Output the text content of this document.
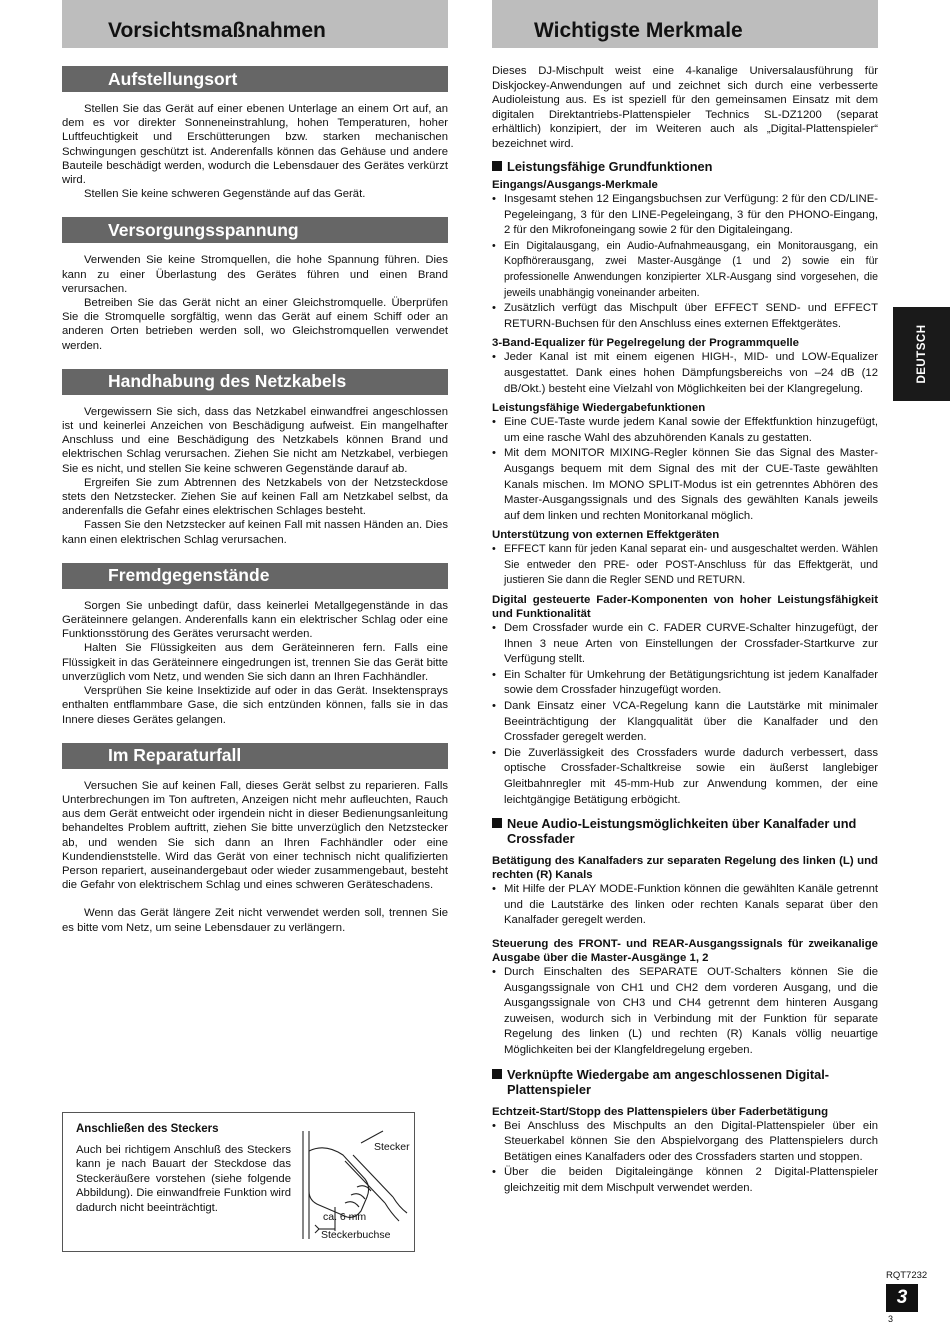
Vorsichtsmaßnahmen
Aufstellungsort

Stellen Sie das Gerät auf einer ebenen Unterlage an einem Ort auf, an dem es vor direkter Sonneneinstrahlung, hohen Temperaturen, hoher Luftfeuchtigkeit und Erschütterungen bzw. starken mechanischen Schwingungen geschützt ist. Anderenfalls können das Gehäuse und andere Bauteile beschädigt werden, wodurch die Lebensdauer des Gerätes verkürzt wird.

Stellen Sie keine schweren Gegenstände auf das Gerät.

Versorgungsspannung

Verwenden Sie keine Stromquellen, die hohe Spannung führen. Dies kann zu einer Überlastung des Gerätes führen und einen Brand verursachen.

Betreiben Sie das Gerät nicht an einer Gleichstromquelle. Überprüfen Sie die Stromquelle sorgfältig, wenn das Gerät auf einem Schiff oder an anderen Orten betrieben werden soll, wo Gleichstromquellen verwendet werden.

Handhabung des Netzkabels

Vergewissern Sie sich, dass das Netzkabel einwandfrei angeschlossen ist und keinerlei Anzeichen von Beschädigung aufweist. Ein mangelhafter Anschluss und eine Beschädigung des Netzkabels können Brand und elektrischen Schlag verursachen. Ziehen Sie nicht am Netzkabel, verbiegen Sie es nicht, und stellen Sie keine schweren Gegenstände darauf ab.

Ergreifen Sie zum Abtrennen des Netzkabels von der Netzsteckdose stets den Netzstecker. Ziehen Sie auf keinen Fall am Netzkabel selbst, da anderenfalls die Gefahr eines elektrischen Schlages besteht.

Fassen Sie den Netzstecker auf keinen Fall mit nassen Händen an. Dies kann einen elektrischen Schlag verursachen.

Fremdgegenstände

Sorgen Sie unbedingt dafür, dass keinerlei Metallgegenstände in das Geräteinnere gelangen. Anderenfalls kann ein elektrischer Schlag oder eine Funktionsstörung des Gerätes verursacht werden.

Halten Sie Flüssigkeiten aus dem Geräteinneren fern. Falls eine Flüssigkeit in das Geräteinnere eingedrungen ist, trennen Sie das Gerät bitte unverzüglich vom Netz, und wenden Sie sich dann an Ihren Fachhändler.

Versprühen Sie keine Insektizide auf oder in das Gerät. Insektensprays enthalten entflammbare Gase, die sich entzünden können, falls sie in das Innere dieses Gerätes gelangen.

Im Reparaturfall

Versuchen Sie auf keinen Fall, dieses Gerät selbst zu reparieren. Falls Unterbrechungen im Ton auftreten, Anzeigen nicht mehr aufleuchten, Rauch aus dem Gerät entweicht oder irgendein nicht in dieser Bedienungsanleitung behandeltes Problem auftritt, ziehen Sie bitte unverzüglich den Netzstecker ab, und wenden Sie sich dann an Ihren Fachhändler oder eine Kundendienststelle. Wird das Gerät von einer technisch nicht qualifizierten Person repariert, auseinandergebaut oder wieder zusammengebaut, besteht die Gefahr von elektrischem Schlag und eines schweren Geräteschadens.

Wenn das Gerät längere Zeit nicht verwendet werden soll, trennen Sie es bitte vom Netz, um seine Lebensdauer zu verlängern.

Anschließen des Steckers
Auch bei richtigem Anschluß des Steckers kann je nach Bauart der Steckdose das Steckeräußere vorstehen (siehe folgende Abbildung). Die einwandfreie Funktion wird dadurch nicht beeinträchtigt.
Stecker
ca. 6 mm
Steckerbuchse
Wichtigste Merkmale
Dieses DJ-Mischpult weist eine 4-kanalige Universalausführung für Diskjockey-Anwendungen auf und zeichnet sich durch eine verbesserte Audioleistung aus. Es ist speziell für den gemeinsamen Einsatz mit dem digitalen Direktantriebs-Plattenspieler Technics SL-DZ1200 (separat erhältlich) konzipiert, der im Weiteren auch als „Digital-Plattenspieler“ bezeichnet wird.
Leistungsfähige Grundfunktionen
Eingangs/Ausgangs-Merkmale
• Insgesamt stehen 12 Eingangsbuchsen zur Verfügung: 2 für den CD/LINE-Pegeleingang, 3 für den LINE-Pegeleingang, 3 für den PHONO-Eingang, 2 für den Mikrofoneingang sowie 2 für den Digitaleingang.
• Ein Digitalausgang, ein Audio-Aufnahmeausgang, ein Monitorausgang, ein Kopfhörerausgang, zwei Master-Ausgänge (1 und 2) sowie ein für professionelle Anwendungen konzipierter XLR-Ausgang sind vorgesehen, die jeweils unabhängig voneinander arbeiten.
• Zusätzlich verfügt das Mischpult über EFFECT SEND- und EFFECT RETURN-Buchsen für den Anschluss eines externen Effektgerätes.
3-Band-Equalizer für Pegelregelung der Programmquelle
• Jeder Kanal ist mit einem eigenen HIGH-, MID- und LOW-Equalizer ausgestattet. Dank eines hohen Dämpfungsbereichs von –24 dB (12 dB/Okt.) besteht eine Vielzahl von Möglichkeiten bei der Klangregelung.
Leistungsfähige Wiedergabefunktionen
• Eine CUE-Taste wurde jedem Kanal sowie der Effektfunktion hinzugefügt, um eine rasche Wahl des abzuhörenden Kanals zu gestatten.
• Mit dem MONITOR MIXING-Regler können Sie das Signal des Master-Ausgangs bequem mit dem Signal des mit der CUE-Taste gewählten Kanals mischen. Im MONO SPLIT-Modus ist ein getrenntes Abhören des Master-Ausgangssignals und des Signals des gewählten Kanals jeweils auf dem linken und rechten Monitorkanal möglich.
Unterstützung von externen Effektgeräten
• EFFECT kann für jeden Kanal separat ein- und ausgeschaltet werden. Wählen Sie entweder den PRE- oder POST-Anschluss für das Effektgerät, und justieren Sie dann die Regler SEND und RETURN.
Digital gesteuerte Fader-Komponenten von hoher Leistungsfähigkeit und Funktionalität
• Dem Crossfader wurde ein C. FADER CURVE-Schalter hinzugefügt, der Ihnen 3 neue Arten von Einstellungen der Crossfader-Startkurve zur Verfügung stellt.
• Ein Schalter für Umkehrung der Betätigungsrichtung ist jedem Kanalfader sowie dem Crossfader hinzugefügt worden.
• Dank Einsatz einer VCA-Regelung kann die Lautstärke mit minimaler Beeinträchtigung der Klangqualität über die Kanalfader und den Crossfader geregelt werden.
• Die Zuverlässigkeit des Crossfaders wurde dadurch verbessert, dass optische Crossfader-Schaltkreise sowie ein äußerst langlebiger Gleitbahnregler mit 45-mm-Hub zur Anwendung kommen, der eine leichtgängige Betätigung erbögicht.
Neue Audio-Leistungsmöglichkeiten über Kanalfader und Crossfader
Betätigung des Kanalfaders zur separaten Regelung des linken (L) und rechten (R) Kanals
• Mit Hilfe der PLAY MODE-Funktion können die gewählten Kanäle getrennt und die Lautstärke des linken oder rechten Kanals separat über den Kanalfader geregelt werden.
Steuerung des FRONT- und REAR-Ausgangssignals für zweikanalige Ausgabe über die Master-Ausgänge 1, 2
• Durch Einschalten des SEPARATE OUT-Schalters können Sie die Ausgangssignale von CH1 und CH2 dem vorderen Ausgang, und die Ausgangssignale von CH3 und CH4 getrennt dem hinteren Ausgang zuweisen, wodurch sich in Verbindung mit der Funktion für separate Regelung des linken (L) und rechten (R) Kanals völlig neuartige Möglichkeiten bei der Klangfeldregelung ergeben.
Verknüpfte Wiedergabe am angeschlossenen Digital-Plattenspieler
Echtzeit-Start/Stopp des Plattenspielers über Faderbetätigung
• Bei Anschluss des Mischpults an den Digital-Plattenspieler über ein Steuerkabel können Sie den Abspielvorgang des Plattenspielers durch Betätigen eines Kanalfaders oder des Crossfaders starten und stoppen.
• Über die beiden Digitaleingänge können 2 Digital-Plattenspieler gleichzeitig mit dem Mischpult verwendet werden.
DEUTSCH
RQT7232
3
3
